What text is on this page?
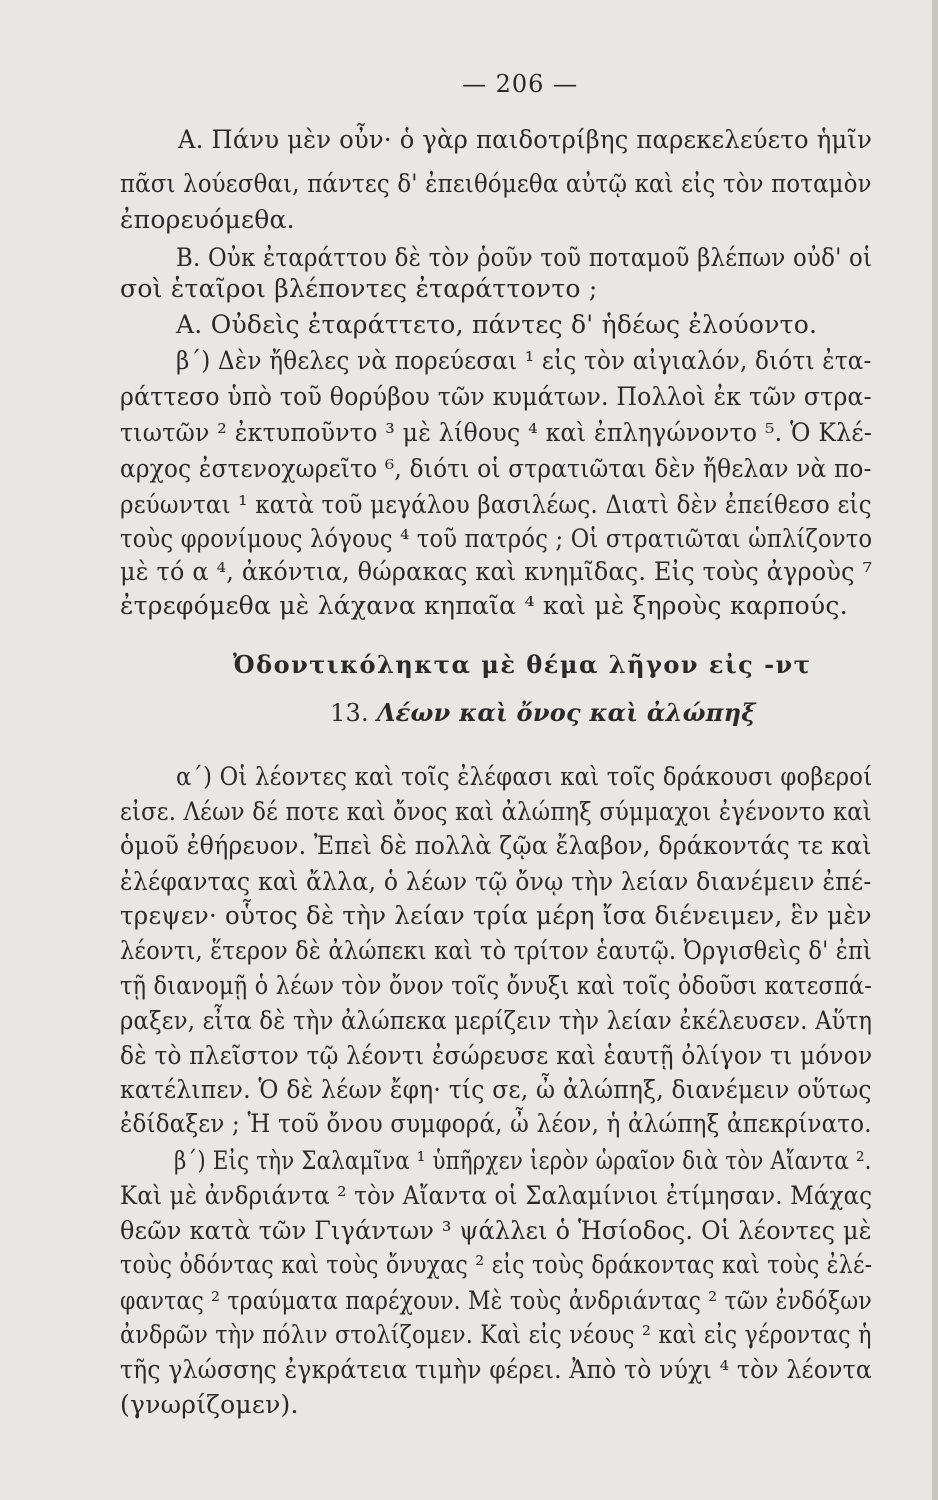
— 206 —
Α. Πάνυ μὲν οὖν· ὁ γὰρ παιδοτρίβης παρεκελεύετο ἡμῖν
πᾶσι λούεσθαι, πάντες δ' ἐπειθόμεθα αὐτῷ καὶ εἰς τὸν ποταμὸν
ἐπορευόμεθα.
Β. Οὐκ ἐταράττου δὲ τὸν ῥοῦν τοῦ ποταμοῦ βλέπων οὐδ' οἱ
σοὶ ἑταῖροι βλέποντες ἐταράττοντο ;
Α. Οὐδεὶς ἐταράττετο, πάντες δ' ἡδέως ἐλούοντο.
β΄) Δὲν ἤθελες νὰ πορεύεσαι ¹ εἰς τὸν αἰγιαλόν, διότι ἐτα-
ράττεσο ὑπὸ τοῦ θορύβου τῶν κυμάτων. Πολλοὶ ἐκ τῶν στρα-
τιωτῶν ² ἐκτυποῦντο ³ μὲ λίθους ⁴ καὶ ἐπληγώνοντο ⁵. Ὁ Κλέ-
αρχος ἐστενοχωρεῖτο ⁶, διότι οἱ στρατιῶται δὲν ἤθελαν νὰ πο-
ρεύωνται ¹ κατὰ τοῦ μεγάλου βασιλέως. Διατὶ δὲν ἐπείθεσο εἰς
τοὺς φρονίμους λόγους ⁴ τοῦ πατρός ; Οἱ στρατιῶται ὡπλίζοντο
μὲ τό α ⁴, ἀκόντια, θώρακας καὶ κνημῖδας. Εἰς τοὺς ἀγροὺς ⁷
ἐτρεφόμεθα μὲ λάχανα κηπαῖα ⁴ καὶ μὲ ξηροὺς καρπούς.
Ὀδοντικόληκτα μὲ θέμα λῆγον εἰς -ντ
13. Λέων καὶ ὄνος καὶ ἀλώπηξ
α΄) Οἱ λέοντες καὶ τοῖς ἐλέφασι καὶ τοῖς δράκουσι φοβεροί
εἰσε. Λέων δέ ποτε καὶ ὄνος καὶ ἀλώπηξ σύμμαχοι ἐγένοντο καὶ
ὁμοῦ ἐθήρευον. Ἐπεὶ δὲ πολλὰ ζῷα ἔλαβον, δράκοντάς τε καὶ
ἐλέφαντας καὶ ἄλλα, ὁ λέων τῷ ὄνῳ τὴν λείαν διανέμειν ἐπέ-
τρεψεν· οὗτος δὲ τὴν λείαν τρία μέρη ἴσα διένειμεν, ἓν μὲν
λέοντι, ἕτερον δὲ ἀλώπεκι καὶ τὸ τρίτον ἑαυτῷ. Ὀργισθεὶς δ' ἐπὶ
τῇ διανομῇ ὁ λέων τὸν ὄνον τοῖς ὄνυξι καὶ τοῖς ὀδοῦσι κατεσπά-
ραξεν, εἶτα δὲ τὴν ἀλώπεκα μερίζειν τὴν λείαν ἐκέλευσεν. Αὕτη
δὲ τὸ πλεῖστον τῷ λέοντι ἐσώρευσε καὶ ἑαυτῇ ὀλίγον τι μόνον
κατέλιπεν. Ὁ δὲ λέων ἔφη· τίς σε, ὦ ἀλώπηξ, διανέμειν οὕτως
ἐδίδαξεν ; Ἡ τοῦ ὄνου συμφορά, ὦ λέον, ἡ ἀλώπηξ ἀπεκρίνατο.
β΄) Εἰς τὴν Σαλαμῖνα ¹ ὑπῆρχεν ἱερὸν ὡραῖον διὰ τὸν Αἴαντα ².
Καὶ μὲ ἀνδριάντα ² τὸν Αἴαντα οἱ Σαλαμίνιοι ἐτίμησαν. Μάχας
θεῶν κατὰ τῶν Γιγάντων ³ ψάλλει ὁ Ἡσίοδος. Οἱ λέοντες μὲ
τοὺς ὀδόντας καὶ τοὺς ὄνυχας ² εἰς τοὺς δράκοντας καὶ τοὺς ἐλέ-
φαντας ² τραύματα παρέχουν. Μὲ τοὺς ἀνδριάντας ² τῶν ἐνδόξων
ἀνδρῶν τὴν πόλιν στολίζομεν. Καὶ εἰς νέους ² καὶ εἰς γέροντας ἡ
τῆς γλώσσης ἐγκράτεια τιμὴν φέρει. Ἀπὸ τὸ νύχι ⁴ τὸν λέοντα
(γνωρίζομεν).
